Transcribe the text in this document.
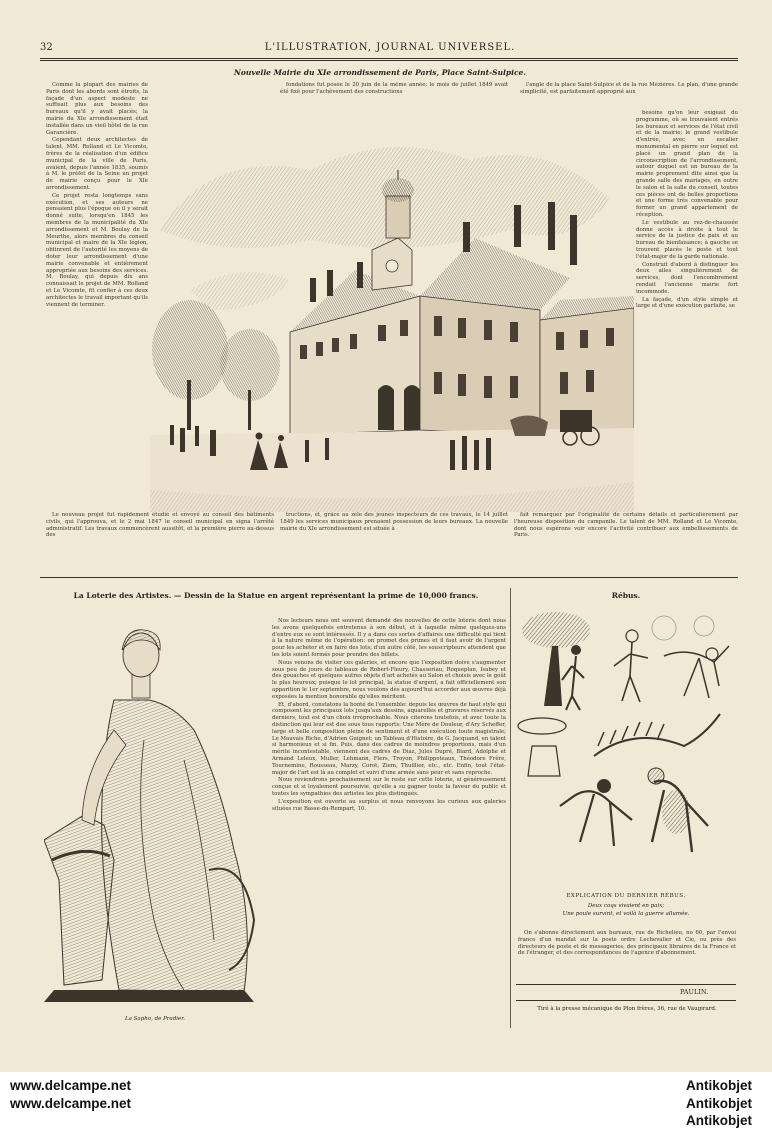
32	L'ILLUSTRATION, JOURNAL UNIVERSEL.
Nouvelle Mairie du XIe arrondissement de Paris, Place Saint-Sulpice.

Comme la plupart des mairies de Paris dont les abords sont étroits, la façade d'un aspect modeste ne suffisait plus aux besoins des bureaux qu'il y avait placés; la mairie du XIe arrondissement était installée dans un vieil hôtel de la rue Garancière.

Cependant deux architectes de talent, MM. Rolland et Le Vicomte, frères de la réalisation d'un édifice municipal de la ville de Paris, avaient, depuis l'année 1835, soumis à M. le préfet de la Seine un projet de mairie conçu pour le XIe arrondissement.

Ce projet resta longtemps sans exécution, et ses auteurs ne pensaient plus l'époque où il y serait donné suite, lorsqu'en 1845 les membres de la municipalité du XIe arrondissement et M. Boulay de la Meurthe, alors membres du conseil municipal et maire de la XIe légion, obtinrent de l'autorité les moyens de doter leur arrondissement d'une mairie convenable et entièrement appropriée aux besoins des services. M. Boulay, qui depuis dix ans connaissait le projet de MM. Rolland et Le Vicomte, fit confier à ces deux architectes le travail important qu'ils viennent de terminer.

fondations fut posée le 20 juin de la même année; le mois de juillet 1849 avait été fixé pour l'achèvement des constructions

l'angle de la place Saint-Sulpice et de la rue Mézières. Le plan, d'une grande simplicité, est parfaitement approprié aux

besoins qu'on leur exigeait du programme, où se trouvaient entrés les bureaux et services de l'état civil et de la mairie; le grand vestibule d'entrée, avec un escalier monumental en pierre sur lequel est placé un grand plan de la circonscription de l'arrondissement, autour duquel est un bureau de la mairie proprement dite ainsi que la grande salle des mariages, en outre le salon et la salle du conseil, toutes ces pièces ont de belles proportions et une forme très convenable pour former un grand appartement de réception.

Le vestibule au rez-de-chaussée donne accès à droite à tout le service de la justice de paix et au bureau de bienfaisance; à gauche se trouvent placés le poste et tout l'état-major de la garde nationale.

Construit d'abord à distinguer les deux ailes singulièrement de services, dont l'encombrement rendait l'ancienne mairie fort incommode.

La façade, d'un style simple et large et d'une exécution parfaite, se

Le nouveau projet fut rapidement étudié et envoyé au conseil des bâtiments civils, qui l'approuva, et le 2 mai 1847 le conseil municipal en signa l'arrêté administratif. Les travaux commencèrent aussitôt, et la première pierre au-dessus des

tructions, et, grâce au zèle des jeunes inspecteurs de ces travaux, le 14 juillet 1849 les services municipaux prenaient possession de leurs bureaux. La nouvelle mairie du XIe arrondissement est située à

fait remarquer par l'originalité de certains détails et particulièrement par l'heureuse disposition du campanile. Le talent de MM. Rolland et Le Vicomte, dont nous espérons voir encore l'activité contribuer aux embellissements de Paris.

La Loterie des Artistes. — Dessin de la Statue en argent représentant la prime de 10,000 francs.
La Sapho, de Pradier.

Nos lecteurs nous ont souvent demandé des nouvelles de cette loterie dont nous les avons quelquefois entretenus à son début, et à laquelle même quelques-uns d'entre eux se sont intéressés. Il y a dans ces sortes d'affaires une difficulté qui tient à la nature même de l'opération: on promet des primes et il faut avoir de l'argent pour les acheter et en faire des lots; d'un autre côté, les souscripteurs attendent que les lots soient formés pour prendre des billets.

Nous venons de visiter ces galeries, et encore que l'exposition doive s'augmenter sous peu de jours de tableaux de Robert-Fleury, Chasseriau, Roqueplan, Isabey et des gouaches et quelques autres objets d'art achetés au Salon et choisis avec le goût le plus heureux; puisque le lot principal, la statue d'argent, a fait officiellement son apparition le 1er septembre, nous voulons dès aujourd'hui accorder aux œuvres déjà exposées la mention honorable qu'elles méritent.

Et, d'abord, constatons la bonté de l'ensemble: depuis les œuvres de haut style qui composent les principaux lots jusqu'aux dessins, aquarelles et gravures réservés aux derniers, tout est d'un choix irréprochable. Nous citerons toutefois, et avec toute la distinction qui leur est due sous tous rapports: Une Mère de Douleur, d'Ary Scheffer, large et belle composition pleine de sentiment et d'une exécution toute magistrale; Le Mauvais Riche, d'Adrien Guignet; un Tableau d'Histoire, de G. Jacquand, en talent si harmonieux et si fin. Puis, dans des cadres de moindres proportions, mais d'un mérite incontestable, viennent des cadres de Diaz, Jules Dupré, Biard, Adolphe et Armand Leleux, Muller, Lehmann, Flers, Troyon, Philippoteaux, Théodore Frère, Tournemine, Rousseau, Marzy, Corot, Ziem, Thuillier, etc., etc. Enfin, tout l'état-major de l'art est là au complet et suivi d'une armée sans peur et sans reproche.

Nous reviendrons prochainement sur le reste sur cette loterie, si généreusement conçue et si loyalement poursuivie, qu'elle a su gagner toute la faveur du public et toutes les sympathies des artistes les plus distingués.

L'exposition est ouverte au surplus et nous renvoyons les curieux aux galeries situées rue Basse-du-Rempart, 10.

Rébus.
EXPLICATION DU DERNIER RÉBUS.
Deux coqs vivaient en paix;
Une poule survint, et voilà la guerre allumée.

On s'abonne directement aux bureaux, rue de Richelieu, no 60, par l'envoi franco d'un mandat sur la poste ordre Lechevalier et Cie, ou près des directeurs de poste et de messageries, des principaux libraires de la France et de l'étranger, et des correspondances de l'agence d'abonnement.

PAULIN.
Tiré à la presse mécanique de Plon frères, 36, rue de Vaugirard.
www.delcampe.net
www.delcampe.net
Antikobjet
Antikobjet
Antikobjet
